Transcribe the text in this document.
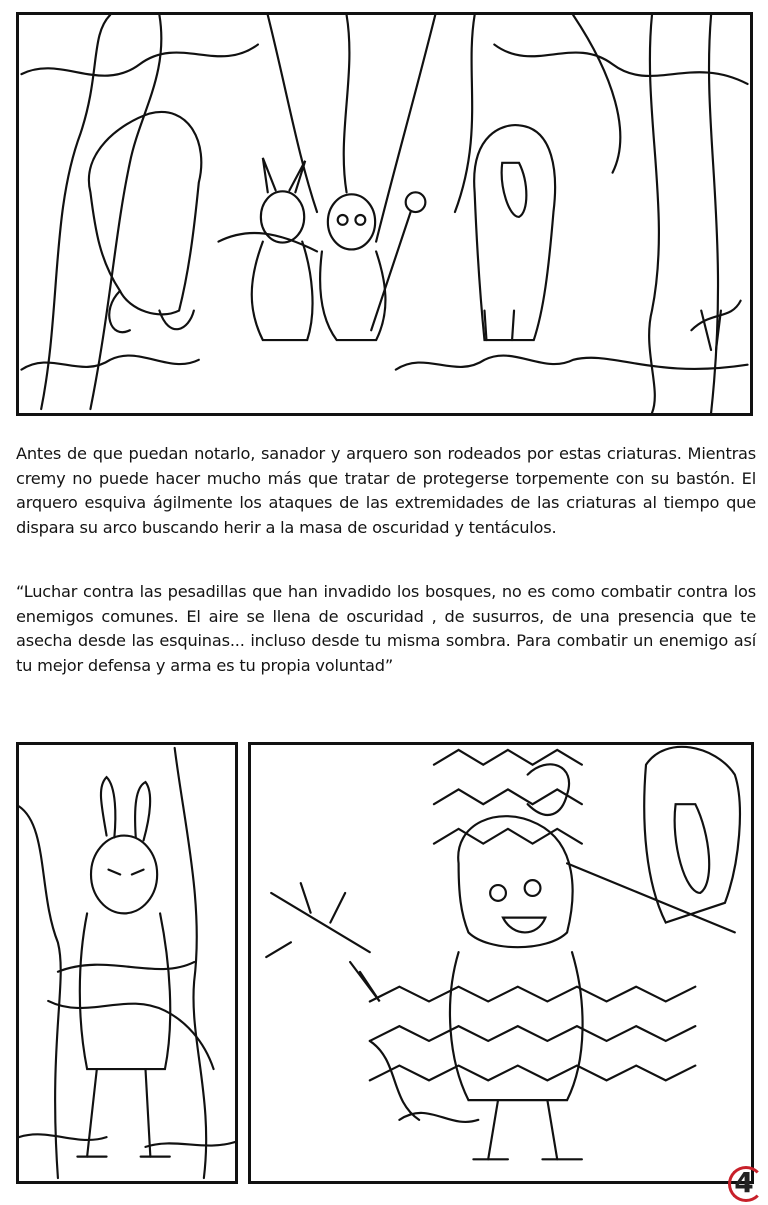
Antes de que puedan notarlo, sanador y arquero son rodeados por estas criaturas. Mientras cremy no puede hacer mucho más que tratar de protegerse torpemente con su bastón. El arquero esquiva ágilmente los ataques de las extremidades de las criaturas al tiempo que dispara su arco buscando herir a la masa de oscuridad y tentáculos.

“Luchar contra las pesadillas que han invadido los bosques, no es como combatir contra los enemigos comunes. El aire se llena de oscuridad , de susurros, de una presencia que te asecha desde las esquinas... incluso desde tu misma sombra. Para combatir un enemigo así tu mejor defensa y arma es tu propia voluntad”

4
